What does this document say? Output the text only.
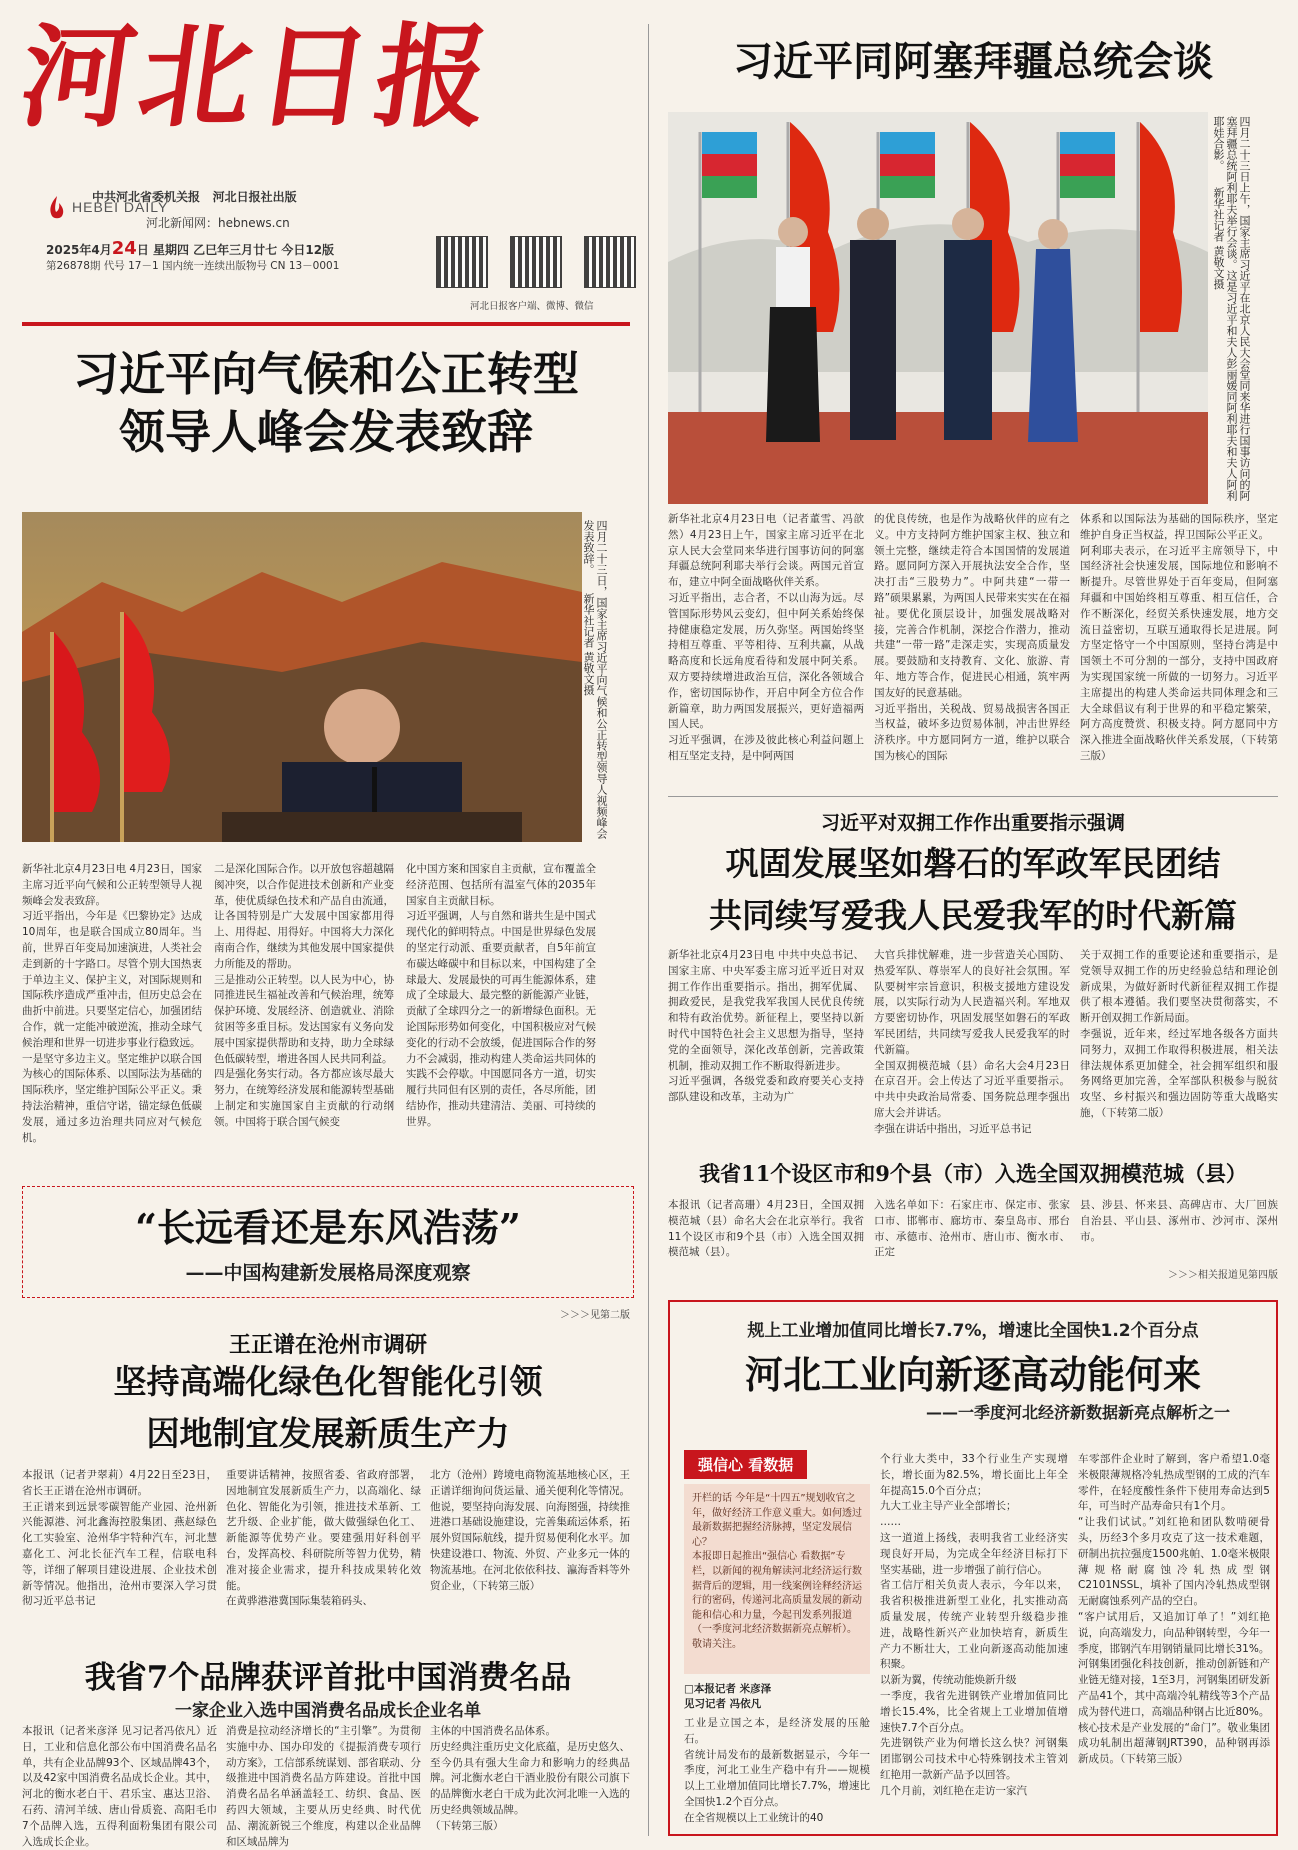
河北日报
中共河北省委机关报 河北日报社出版
HEBEI DAILY
河北新闻网：hebnews.cn
2025年4月24日 星期四 乙巳年三月廿七 今日12版
第26878期 代号 17－1 国内统一连续出版物号 CN 13－0001
河北日报客户端、微博、微信
习近平向气候和公正转型
领导人峰会发表致辞
四月二十三日，国家主席习近平向气候和公正转型领导人视频峰会发表致辞。 新华社记者 黄敬文摄
新华社北京4月23日电 4月23日，国家主席习近平向气候和公正转型领导人视频峰会发表致辞。
习近平指出，今年是《巴黎协定》达成10周年，也是联合国成立80周年。当前，世界百年变局加速演进，人类社会走到新的十字路口。尽管个别大国热衷于单边主义、保护主义，对国际规则和国际秩序造成严重冲击，但历史总会在曲折中前进。只要坚定信心，加强团结合作，就一定能冲破逆流，推动全球气候治理和世界一切进步事业行稳致远。
一是坚守多边主义。坚定维护以联合国为核心的国际体系、以国际法为基础的国际秩序，坚定维护国际公平正义。秉持法治精神，重信守诺，锚定绿色低碳发展，通过多边治理共同应对气候危机。
二是深化国际合作。以开放包容超越隔阂冲突，以合作促进技术创新和产业变革，使优质绿色技术和产品自由流通，让各国特别是广大发展中国家都用得上、用得起、用得好。中国将大力深化南南合作，继续为其他发展中国家提供力所能及的帮助。
三是推动公正转型。以人民为中心，协同推进民生福祉改善和气候治理，统筹保护环境、发展经济、创造就业、消除贫困等多重目标。发达国家有义务向发展中国家提供帮助和支持，助力全球绿色低碳转型，增进各国人民共同利益。
四是强化务实行动。各方都应该尽最大努力，在统筹经济发展和能源转型基础上制定和实施国家自主贡献的行动纲领。中国将于联合国气候变
化中国方案和国家自主贡献，宣布覆盖全经济范围、包括所有温室气体的2035年国家自主贡献目标。
习近平强调，人与自然和谐共生是中国式现代化的鲜明特点。中国是世界绿色发展的坚定行动派、重要贡献者，自5年前宣布碳达峰碳中和目标以来，中国构建了全球最大、发展最快的可再生能源体系，建成了全球最大、最完整的新能源产业链，贡献了全球四分之一的新增绿色面积。无论国际形势如何变化，中国积极应对气候变化的行动不会放缓，促进国际合作的努力不会减弱，推动构建人类命运共同体的实践不会停歇。中国愿同各方一道，切实履行共同但有区别的责任，各尽所能，团结协作，推动共建清洁、美丽、可持续的世界。
“长远看还是东风浩荡”
——中国构建新发展格局深度观察
＞＞＞见第二版
王正谱在沧州市调研
坚持高端化绿色化智能化引领
因地制宜发展新质生产力
本报讯（记者尹翠莉）4月22日至23日，省长王正谱在沧州市调研。
王正谱来到远景零碳智能产业园、沧州新兴能源港、河北鑫海控股集团、燕赵绿色化工实验室、沧州华宇特种汽车，河北慧嘉化工、河北长征汽车工程，信联电科等，详细了解项目建设进展、企业技术创新等情况。他指出，沧州市要深入学习贯彻习近平总书记
重要讲话精神，按照省委、省政府部署，因地制宜发展新质生产力，以高端化、绿色化、智能化为引领，推进技术革新、工艺升级、企业扩能，做大做强绿色化工、新能源等优势产业。要建强用好科创平台，发挥高校、科研院所等智力优势，精准对接企业需求，提升科技成果转化效能。
在黄骅港港冀国际集装箱码头、
北方（沧州）跨境电商物流基地核心区，王正谱详细询问货运量、通关便利化等情况。他说，要坚持向海发展、向海图强，持续推进港口基础设施建设，完善集疏运体系，拓展外贸国际航线，提升贸易便利化水平。加快建设港口、物流、外贸、产业多元一体的物流基地。在河北依依科技、瀛海香料等外贸企业，（下转第三版）
我省7个品牌获评首批中国消费名品
一家企业入选中国消费名品成长企业名单
本报讯（记者米彦泽 见习记者冯依凡）近日，工业和信息化部公布中国消费名品名单，共有企业品牌93个、区域品牌43个，以及42家中国消费名品成长企业。其中，河北的衡水老白干、君乐宝、惠达卫浴、石药、清河羊绒、唐山骨质瓷、高阳毛巾7个品牌入选，五得利面粉集团有限公司入选成长企业。
消费是拉动经济增长的“主引擎”。为贯彻实施中办、国办印发的《提振消费专项行动方案》，工信部系统谋划、部省联动、分级推进中国消费名品方阵建设。首批中国消费名品名单涵盖轻工、纺织、食品、医药四大领域，主要从历史经典、时代优品、潮流新锐三个维度，构建以企业品牌和区域品牌为
主体的中国消费名品体系。
历史经典注重历史文化底蕴，是历史悠久、至今仍具有强大生命力和影响力的经典品牌。河北衡水老白干酒业股份有限公司旗下的品牌衡水老白干成为此次河北唯一入选的历史经典领域品牌。
（下转第三版）
习近平同阿塞拜疆总统会谈
四月二十三日上午，国家主席习近平在北京人民大会堂同来华进行国事访问的阿塞拜疆总统阿利耶夫举行会谈。这是习近平和夫人彭丽媛同阿利耶夫和夫人阿利耶娃合影。 新华社记者 黄敬文摄
新华社北京4月23日电（记者董雪、冯歆然）4月23日上午，国家主席习近平在北京人民大会堂同来华进行国事访问的阿塞拜疆总统阿利耶夫举行会谈。两国元首宣布，建立中阿全面战略伙伴关系。
习近平指出，志合者，不以山海为远。尽管国际形势风云变幻，但中阿关系始终保持健康稳定发展，历久弥坚。两国始终坚持相互尊重、平等相待、互利共赢，从战略高度和长远角度看待和发展中阿关系。双方要持续增进政治互信，深化各领域合作，密切国际协作，开启中阿全方位合作新篇章，助力两国发展振兴，更好造福两国人民。
习近平强调，在涉及彼此核心利益问题上相互坚定支持，是中阿两国
的优良传统，也是作为战略伙伴的应有之义。中方支持阿方维护国家主权、独立和领土完整，继续走符合本国国情的发展道路。愿同阿方深入开展执法安全合作，坚决打击“三股势力”。中阿共建“一带一路”硕果累累，为两国人民带来实实在在福祉。要优化顶层设计，加强发展战略对接，完善合作机制，深挖合作潜力，推动共建“一带一路”走深走实，实现高质量发展。要鼓励和支持教育、文化、旅游、青年、地方等合作，促进民心相通，筑牢两国友好的民意基础。
习近平指出，关税战、贸易战损害各国正当权益，破坏多边贸易体制，冲击世界经济秩序。中方愿同阿方一道，维护以联合国为核心的国际
体系和以国际法为基础的国际秩序，坚定维护自身正当权益，捍卫国际公平正义。
阿利耶夫表示，在习近平主席领导下，中国经济社会快速发展，国际地位和影响不断提升。尽管世界处于百年变局，但阿塞拜疆和中国始终相互尊重、相互信任，合作不断深化，经贸关系快速发展，地方交流日益密切，互联互通取得长足进展。阿方坚定恪守一个中国原则，坚持台湾是中国领土不可分割的一部分，支持中国政府为实现国家统一所做的一切努力。习近平主席提出的构建人类命运共同体理念和三大全球倡议有利于世界的和平稳定繁荣，阿方高度赞赏、积极支持。阿方愿同中方深入推进全面战略伙伴关系发展，（下转第三版）
习近平对双拥工作作出重要指示强调
巩固发展坚如磐石的军政军民团结
共同续写爱我人民爱我军的时代新篇
新华社北京4月23日电 中共中央总书记、国家主席、中央军委主席习近平近日对双拥工作作出重要指示。指出，拥军优属、拥政爱民，是我党我军我国人民优良传统和特有政治优势。新征程上，要坚持以新时代中国特色社会主义思想为指导，坚持党的全面领导，深化改革创新，完善政策机制，推动双拥工作不断取得新进步。
习近平强调，各级党委和政府要关心支持部队建设和改革，主动为广
大官兵排忧解难，进一步营造关心国防、热爱军队、尊崇军人的良好社会氛围。军队要树牢宗旨意识，积极支援地方建设发展，以实际行动为人民造福兴利。军地双方要密切协作，巩固发展坚如磐石的军政军民团结，共同续写爱我人民爱我军的时代新篇。
全国双拥模范城（县）命名大会4月23日在京召开。会上传达了习近平重要指示。中共中央政治局常委、国务院总理李强出席大会并讲话。
李强在讲话中指出，习近平总书记
关于双拥工作的重要论述和重要指示，是党领导双拥工作的历史经验总结和理论创新成果，为做好新时代新征程双拥工作提供了根本遵循。我们要坚决贯彻落实，不断开创双拥工作新局面。
李强说，近年来，经过军地各级各方面共同努力，双拥工作取得积极进展，相关法律法规体系更加健全，社会拥军组织和服务网络更加完善，全军部队积极参与脱贫攻坚、乡村振兴和强边固防等重大战略实施，（下转第二版）
我省11个设区市和9个县（市）入选全国双拥模范城（县）
本报讯（记者高珊）4月23日，全国双拥模范城（县）命名大会在北京举行。我省11个设区市和9个县（市）入选全国双拥模范城（县）。
入选名单如下：石家庄市、保定市、张家口市、邯郸市、廊坊市、秦皇岛市、邢台市、承德市、沧州市、唐山市、衡水市、正定
县、涉县、怀来县、高碑店市、大厂回族自治县、平山县、涿州市、沙河市、深州市。
＞＞＞相关报道见第四版
规上工业增加值同比增长7.7%，增速比全国快1.2个百分点
河北工业向新逐高动能何来
——一季度河北经济新数据新亮点解析之一
强信心 看数据
开栏的话 今年是“十四五”规划收官之年，做好经济工作意义重大。如何透过最新数据把握经济脉搏，坚定发展信心？
本报即日起推出“强信心 看数据”专栏，以新闻的视角解读河北经济运行数据背后的逻辑，用一线案例诠释经济运行的密码，传递河北高质量发展的新动能和信心和力量，今起刊发系列报道（一季度河北经济数据新亮点解析）。敬请关注。
□本报记者 米彦泽
见习记者 冯依凡
工业是立国之本，是经济发展的压舱石。
省统计局发布的最新数据显示，今年一季度，河北工业生产稳中有升——规模以上工业增加值同比增长7.7%，增速比全国快1.2个百分点。
在全省规模以上工业统计的40
个行业大类中，33个行业生产实现增长，增长面为82.5%，增长面比上年全年提高15.0个百分点；
九大工业主导产业全部增长；
……
这一道道上扬线，表明我省工业经济实现良好开局，为完成全年经济目标打下坚实基础，进一步增强了前行信心。
省工信厅相关负责人表示，今年以来，我省积极推进新型工业化，扎实推动高质量发展，传统产业转型升级稳步推进，战略性新兴产业加快培育，新质生产力不断壮大，工业向新逐高动能加速积聚。
以新为翼，传统动能焕新升级
一季度，我省先进钢铁产业增加值同比增长15.4%，比全省规上工业增加值增速快7.7个百分点。
先进钢铁产业为何增长这么快？河钢集团邯钢公司技术中心特殊钢技术主管刘红艳用一款新产品予以回答。
几个月前，刘红艳在走访一家汽
车零部件企业时了解到，客户希望1.0毫米极限薄规格冷轧热成型钢的工成的汽车零件，在轻度酸性条件下使用寿命达到5年，可当时产品寿命只有1个月。
“让我们试试。”刘红艳和团队数啃硬骨头，历经3个多月攻克了这一技术难题，研制出抗拉强度1500兆帕、1.0毫米极限薄规格耐腐蚀冷轧热成型钢C2101NSSL，填补了国内冷轧热成型钢无耐腐蚀系列产品的空白。
“客户试用后，又追加订单了！”刘红艳说，向高端发力，向品种钢转型，今年一季度，邯钢汽车用钢销量同比增长31%。
河钢集团强化科技创新，推动创新链和产业链无缝对接，1至3月，河钢集团研发新产品41个，其中高端冷轧精线等3个产品成为替代进口，高端品种钢占比近80%。
核心技术是产业发展的“命门”。敬业集团成功轧制出超薄钢JRT390，品种钢再添新成员。（下转第三版）
